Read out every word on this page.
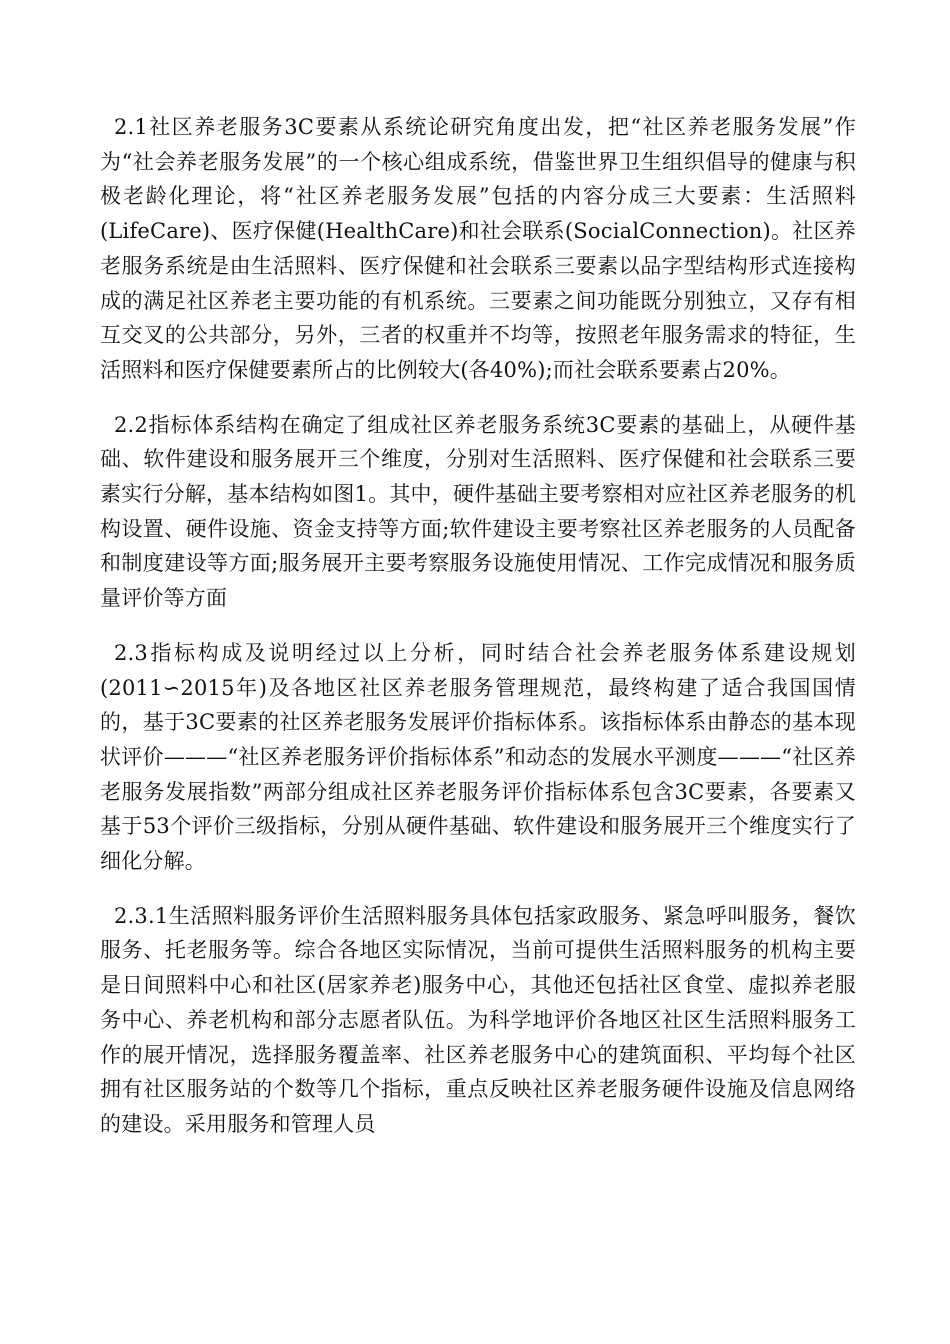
2.1社区养老服务3C要素从系统论研究角度出发，把“社区养老服务发展”作为“社会养老服务发展”的一个核心组成系统，借鉴世界卫生组织倡导的健康与积极老龄化理论，将“社区养老服务发展”包括的内容分成三大要素：生活照料(LifeCare)、医疗保健(HealthCare)和社会联系(SocialConnection)。社区养老服务系统是由生活照料、医疗保健和社会联系三要素以品字型结构形式连接构成的满足社区养老主要功能的有机系统。三要素之间功能既分别独立，又存有相互交叉的公共部分，另外，三者的权重并不均等，按照老年服务需求的特征，生活照料和医疗保健要素所占的比例较大(各40%);而社会联系要素占20%。

2.2指标体系结构在确定了组成社区养老服务系统3C要素的基础上，从硬件基础、软件建设和服务展开三个维度，分别对生活照料、医疗保健和社会联系三要素实行分解，基本结构如图1。其中，硬件基础主要考察相对应社区养老服务的机构设置、硬件设施、资金支持等方面;软件建设主要考察社区养老服务的人员配备和制度建设等方面;服务展开主要考察服务设施使用情况、工作完成情况和服务质量评价等方面

2.3指标构成及说明经过以上分析，同时结合社会养老服务体系建设规划(2011∽2015年)及各地区社区养老服务管理规范，最终构建了适合我国国情的，基于3C要素的社区养老服务发展评价指标体系。该指标体系由静态的基本现状评价———“社区养老服务评价指标体系”和动态的发展水平测度———“社区养老服务发展指数”两部分组成社区养老服务评价指标体系包含3C要素，各要素又基于53个评价三级指标，分别从硬件基础、软件建设和服务展开三个维度实行了细化分解。

2.3.1生活照料服务评价生活照料服务具体包括家政服务、紧急呼叫服务，餐饮服务、托老服务等。综合各地区实际情况，当前可提供生活照料服务的机构主要是日间照料中心和社区(居家养老)服务中心，其他还包括社区食堂、虚拟养老服务中心、养老机构和部分志愿者队伍。为科学地评价各地区社区生活照料服务工作的展开情况，选择服务覆盖率、社区养老服务中心的建筑面积、平均每个社区拥有社区服务站的个数等几个指标，重点反映社区养老服务硬件设施及信息网络的建设。采用服务和管理人员
